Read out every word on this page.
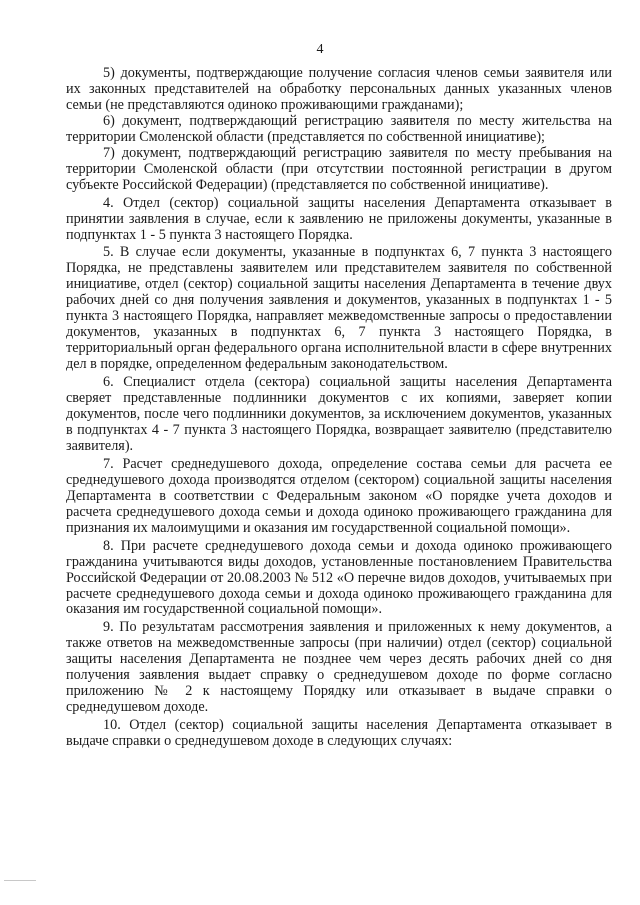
4

5) документы, подтверждающие получение согласия членов семьи заявителя или их законных представителей на обработку персональных данных указанных членов семьи (не представляются одиноко проживающими гражданами);

6) документ, подтверждающий регистрацию заявителя по месту жительства на территории Смоленской области (представляется по собственной инициативе);

7) документ, подтверждающий регистрацию заявителя по месту пребывания на территории Смоленской области (при отсутствии постоянной регистрации в другом субъекте Российской Федерации) (представляется по собственной инициативе).

4. Отдел (сектор) социальной защиты населения Департамента отказывает в принятии заявления в случае, если к заявлению не приложены документы, указанные в подпунктах 1 - 5 пункта 3 настоящего Порядка.

5. В случае если документы, указанные в подпунктах 6, 7 пункта 3 настоящего Порядка, не представлены заявителем или представителем заявителя по собственной инициативе, отдел (сектор) социальной защиты населения Департамента в течение двух рабочих дней со дня получения заявления и документов, указанных в подпунктах 1 - 5 пункта 3 настоящего Порядка, направляет межведомственные запросы о предоставлении документов, указанных в подпунктах 6, 7 пункта 3 настоящего Порядка, в территориальный орган федерального органа исполнительной власти в сфере внутренних дел в порядке, определенном федеральным законодательством.

6. Специалист отдела (сектора) социальной защиты населения Департамента сверяет представленные подлинники документов с их копиями, заверяет копии документов, после чего подлинники документов, за исключением документов, указанных в подпунктах 4 - 7 пункта 3 настоящего Порядка, возвращает заявителю (представителю заявителя).

7. Расчет среднедушевого дохода, определение состава семьи для расчета ее среднедушевого дохода производятся отделом (сектором) социальной защиты населения Департамента в соответствии с Федеральным законом «О порядке учета доходов и расчета среднедушевого дохода семьи и дохода одиноко проживающего гражданина для признания их малоимущими и оказания им государственной социальной помощи».

8. При расчете среднедушевого дохода семьи и дохода одиноко проживающего гражданина учитываются виды доходов, установленные постановлением Правительства Российской Федерации от 20.08.2003 № 512 «О перечне видов доходов, учитываемых при расчете среднедушевого дохода семьи и дохода одиноко проживающего гражданина для оказания им государственной социальной помощи».

9. По результатам рассмотрения заявления и приложенных к нему документов, а также ответов на межведомственные запросы (при наличии) отдел (сектор) социальной защиты населения Департамента не позднее чем через десять рабочих дней со дня получения заявления выдает справку о среднедушевом доходе по форме согласно приложению № 2 к настоящему Порядку или отказывает в выдаче справки о среднедушевом доходе.

10. Отдел (сектор) социальной защиты населения Департамента отказывает в выдаче справки о среднедушевом доходе в следующих случаях:
